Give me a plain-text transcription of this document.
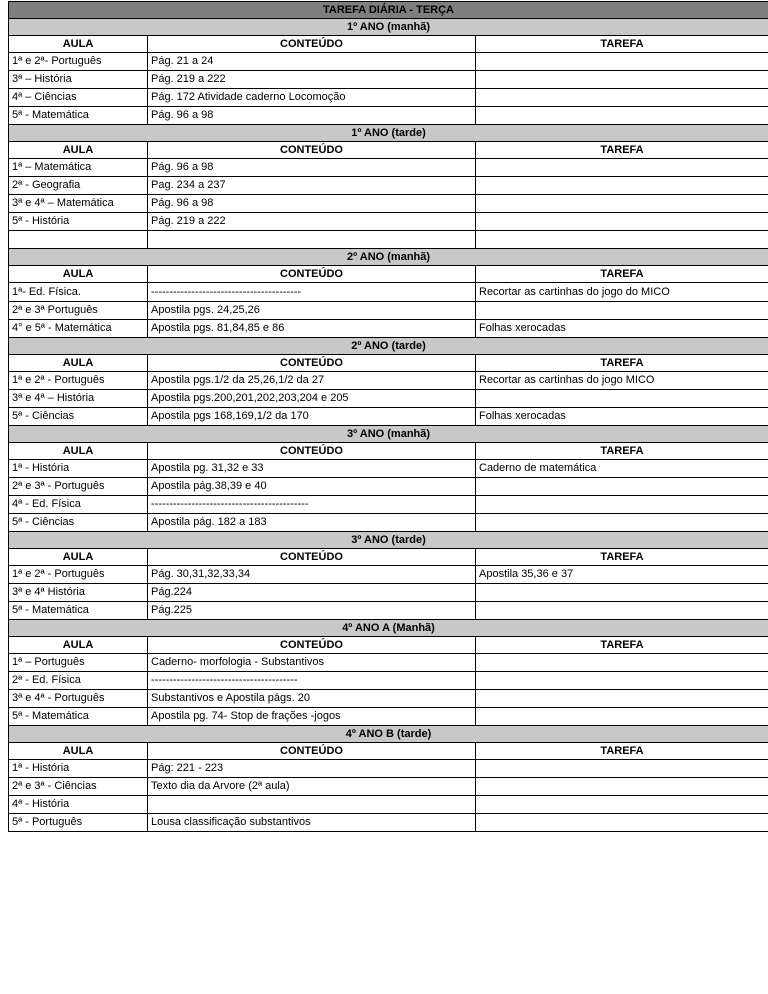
TAREFA DIÁRIA - TERÇA		
1º ANO (manhã)		
AULA	CONTEÚDO	TAREFA
1ª e 2ª- Português	Pág. 21 a 24	
3ª – História	Pág. 219 a 222	
4ª – Ciências	Pág. 172 Atividade caderno Locomoção	
5ª - Matemática	Pág. 96 a 98	
1º ANO (tarde)		
AULA	CONTEÚDO	TAREFA
1ª – Matemática	Pág. 96 a 98	
2ª - Geografia	Pag. 234 a 237	
3ª e 4ª – Matemática	Pág. 96 a 98	
5ª - História	Pág. 219 a 222	

2º ANO (manhã)		
AULA	CONTEÚDO	TAREFA
1ª- Ed. Física.	-----------------------------------------	Recortar as cartinhas do jogo do MICO
2ª e 3ª Português	Apostila pgs. 24,25,26	
4° e 5ª - Matemática	Apostila pgs. 81,84,85 e 86	Folhas xerocadas
2º ANO (tarde)		
AULA	CONTEÚDO	TAREFA
1ª e 2ª - Português	Apostila pgs.1/2 da 25,26,1/2 da 27	Recortar as cartinhas do jogo MICO
3ª e 4ª – História	Apostila pgs.200,201,202,203,204 e 205	
5ª - Ciências	Apostila pgs 168,169,1/2 da 170	Folhas xerocadas
3º ANO (manhã)		
AULA	CONTEÚDO	TAREFA
1ª - História	Apostila pg. 31,32 e 33	Caderno de matemática
2ª e 3ª - Português	Apostila pág.38,39 e 40	
4ª - Ed. Física	-------------------------------------------	
5ª - Ciências	Apostila pág. 182 a 183	
3º ANO (tarde)		
AULA	CONTEÚDO	TAREFA
1ª e 2ª - Português	Pág. 30,31,32,33,34	Apostila 35,36 e 37
3ª e 4ª História	Pág.224	
5ª - Matemática	Pág.225	
4º ANO A (Manhã)		
AULA	CONTEÚDO	TAREFA
1ª – Português	Caderno- morfologia - Substantivos	
2ª - Ed. Física	----------------------------------------	
3ª e 4ª - Português	Substantivos e Apostila págs. 20	
5ª - Matemática	Apostila pg. 74- Stop de frações -jogos	
4º ANO B (tarde)		
AULA	CONTEÚDO	TAREFA
1ª - História	Pág: 221 - 223	
2ª e 3ª - Ciências	Texto dia da Arvore (2ª aula)	
4ª - História		
5ª - Português	Lousa classificação substantivos	
